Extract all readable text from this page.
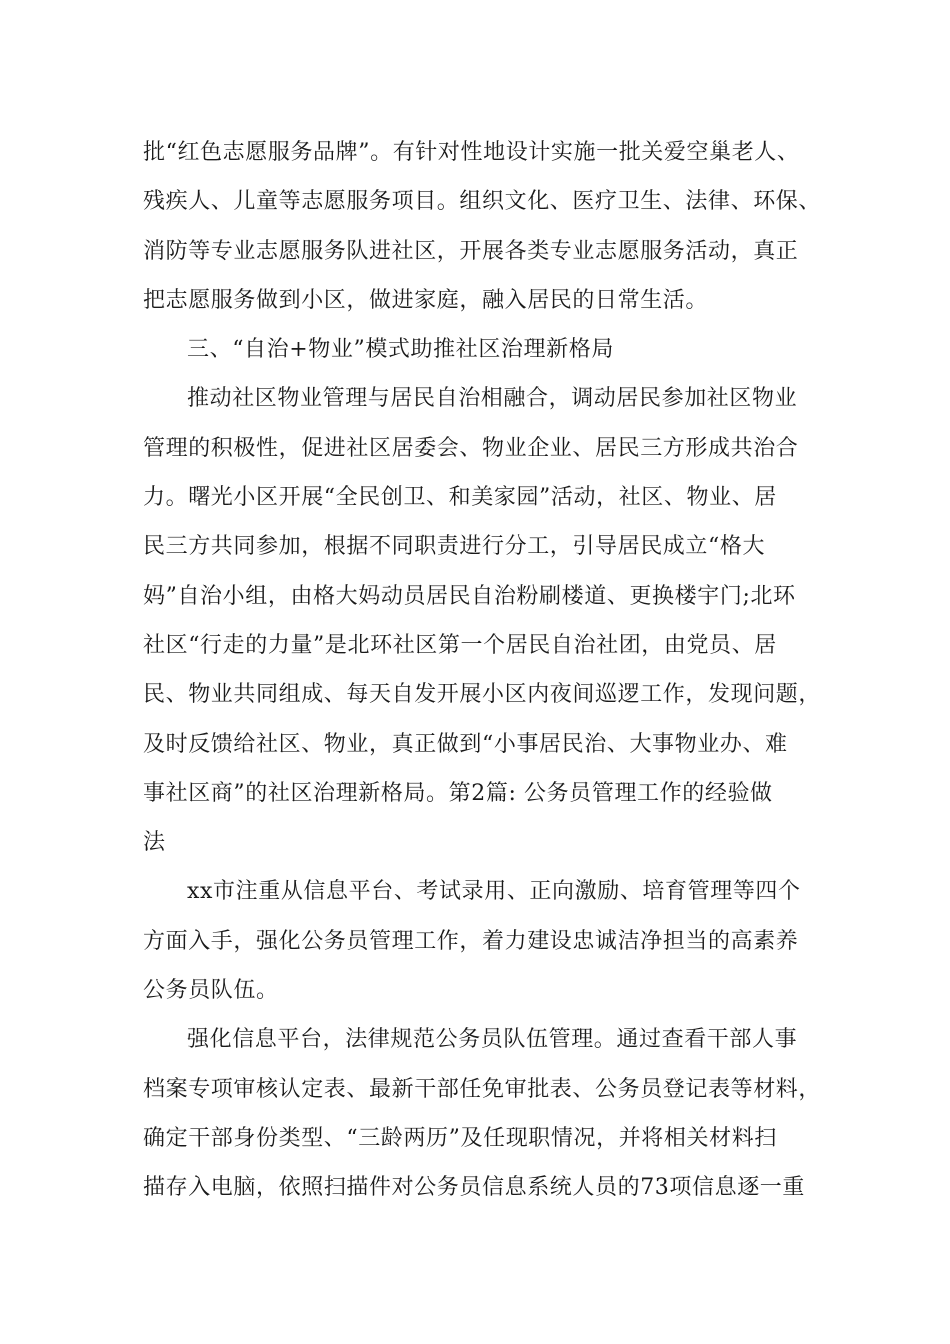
批“红色志愿服务品牌”。有针对性地设计实施一批关爱空巢老人、
残疾人、儿童等志愿服务项目。组织文化、医疗卫生、法律、环保、
消防等专业志愿服务队进社区，开展各类专业志愿服务活动，真正
把志愿服务做到小区，做进家庭，融入居民的日常生活。
三、“自治+物业”模式助推社区治理新格局
推动社区物业管理与居民自治相融合，调动居民参加社区物业
管理的积极性，促进社区居委会、物业企业、居民三方形成共治合
力。曙光小区开展“全民创卫、和美家园”活动，社区、物业、居
民三方共同参加，根据不同职责进行分工，引导居民成立“格大
妈”自治小组，由格大妈动员居民自治粉刷楼道、更换楼宇门;北环
社区“行走的力量”是北环社区第一个居民自治社团，由党员、居
民、物业共同组成、每天自发开展小区内夜间巡逻工作，发现问题，
及时反馈给社区、物业，真正做到“小事居民治、大事物业办、难
事社区商”的社区治理新格局。第2篇: 公务员管理工作的经验做
法
xx市注重从信息平台、考试录用、正向激励、培育管理等四个
方面入手，强化公务员管理工作，着力建设忠诚洁净担当的高素养
公务员队伍。
强化信息平台，法律规范公务员队伍管理。通过查看干部人事
档案专项审核认定表、最新干部任免审批表、公务员登记表等材料，
确定干部身份类型、“三龄两历”及任现职情况，并将相关材料扫
描存入电脑，依照扫描件对公务员信息系统人员的73项信息逐一重
